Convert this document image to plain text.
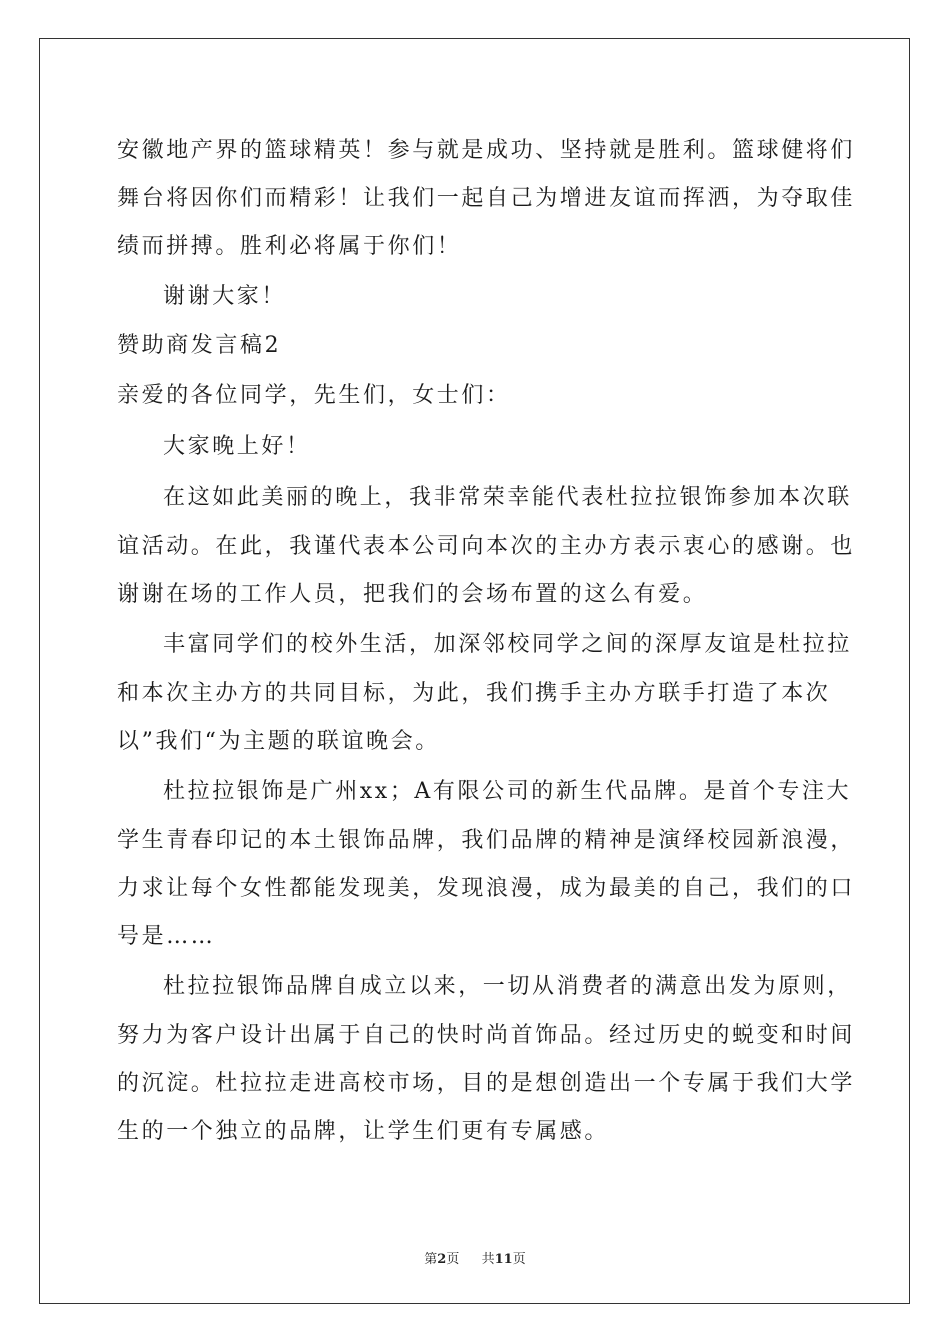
安徽地产界的篮球精英！参与就是成功、坚持就是胜利。篮球健将们
舞台将因你们而精彩！让我们一起自己为增进友谊而挥洒，为夺取佳
绩而拼搏。胜利必将属于你们！
谢谢大家！
赞助商发言稿2
亲爱的各位同学，先生们，女士们：
大家晚上好！
在这如此美丽的晚上，我非常荣幸能代表杜拉拉银饰参加本次联
谊活动。在此，我谨代表本公司向本次的主办方表示衷心的感谢。也
谢谢在场的工作人员，把我们的会场布置的这么有爱。
丰富同学们的校外生活，加深邻校同学之间的深厚友谊是杜拉拉
和本次主办方的共同目标，为此，我们携手主办方联手打造了本次
以”我们“为主题的联谊晚会。
杜拉拉银饰是广州xx；A有限公司的新生代品牌。是首个专注大
学生青春印记的本土银饰品牌，我们品牌的精神是演绎校园新浪漫，
力求让每个女性都能发现美，发现浪漫，成为最美的自己，我们的口
号是……
杜拉拉银饰品牌自成立以来，一切从消费者的满意出发为原则，
努力为客户设计出属于自己的快时尚首饰品。经过历史的蜕变和时间
的沉淀。杜拉拉走进高校市场，目的是想创造出一个专属于我们大学
生的一个独立的品牌，让学生们更有专属感。
第2页 共11页
